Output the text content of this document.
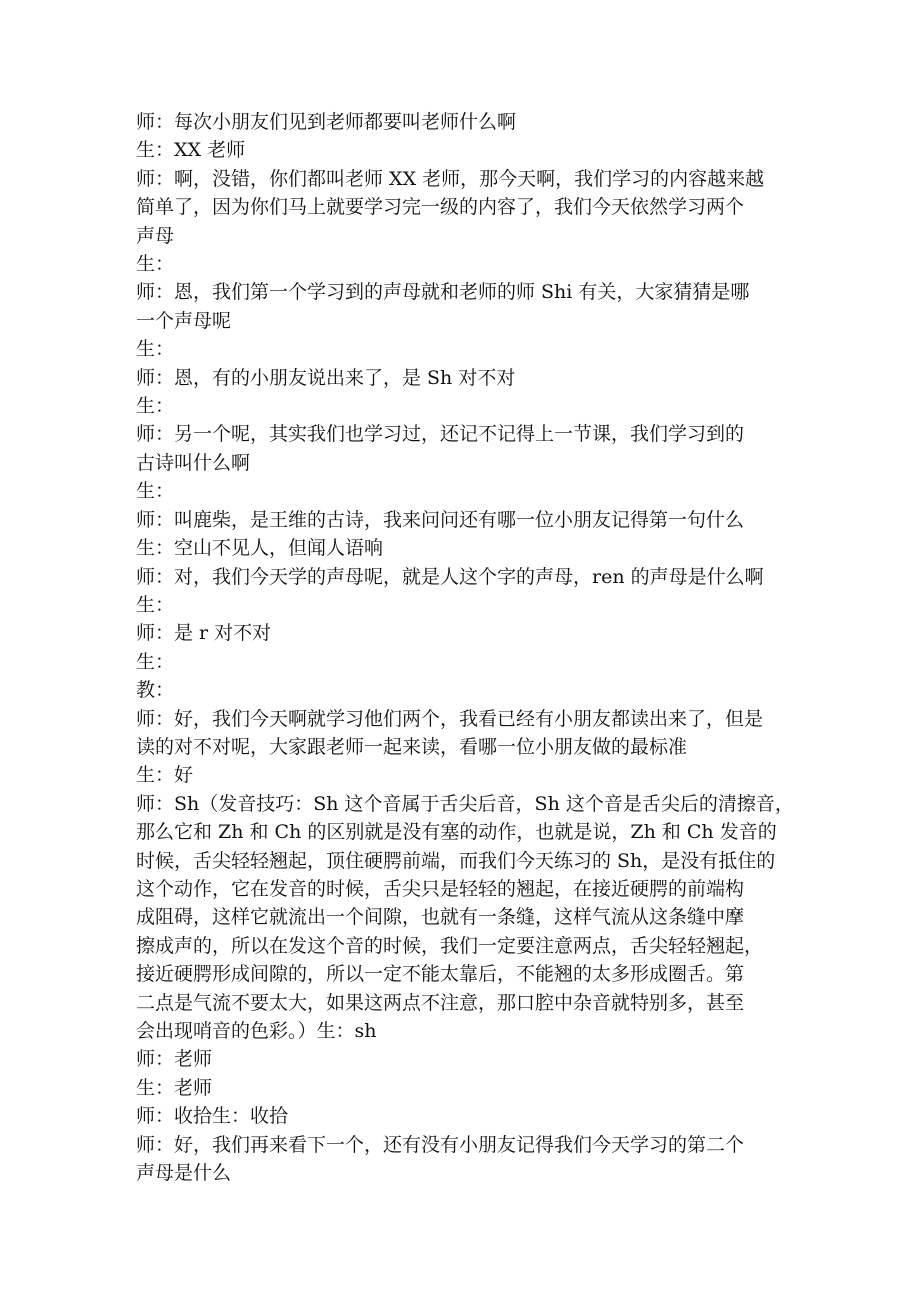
师：每次小朋友们见到老师都要叫老师什么啊
生：XX 老师
师：啊，没错，你们都叫老师 XX 老师，那今天啊，我们学习的内容越来越
简单了，因为你们马上就要学习完一级的内容了，我们今天依然学习两个
声母
生：
师：恩，我们第一个学习到的声母就和老师的师 Shi 有关，大家猜猜是哪
一个声母呢
生：
师：恩，有的小朋友说出来了，是 Sh 对不对
生：
师：另一个呢，其实我们也学习过，还记不记得上一节课，我们学习到的
古诗叫什么啊
生：
师：叫鹿柴，是王维的古诗，我来问问还有哪一位小朋友记得第一句什么
生：空山不见人，但闻人语响
师：对，我们今天学的声母呢，就是人这个字的声母，ren 的声母是什么啊
生：
师：是 r 对不对
生：
教：
师：好，我们今天啊就学习他们两个，我看已经有小朋友都读出来了，但是
读的对不对呢，大家跟老师一起来读，看哪一位小朋友做的最标准
生：好
师：Sh（发音技巧：Sh 这个音属于舌尖后音，Sh 这个音是舌尖后的清擦音，
那么它和 Zh 和 Ch 的区别就是没有塞的动作，也就是说，Zh 和 Ch 发音的
时候，舌尖轻轻翘起，顶住硬腭前端，而我们今天练习的 Sh，是没有抵住的
这个动作，它在发音的时候，舌尖只是轻轻的翘起，在接近硬腭的前端构
成阻碍，这样它就流出一个间隙，也就有一条缝，这样气流从这条缝中摩
擦成声的，所以在发这个音的时候，我们一定要注意两点，舌尖轻轻翘起，
接近硬腭形成间隙的，所以一定不能太靠后，不能翘的太多形成圈舌。第
二点是气流不要太大，如果这两点不注意，那口腔中杂音就特别多，甚至
会出现哨音的色彩。）生：sh
师：老师
生：老师
师：收拾生：收拾
师：好，我们再来看下一个，还有没有小朋友记得我们今天学习的第二个
声母是什么
